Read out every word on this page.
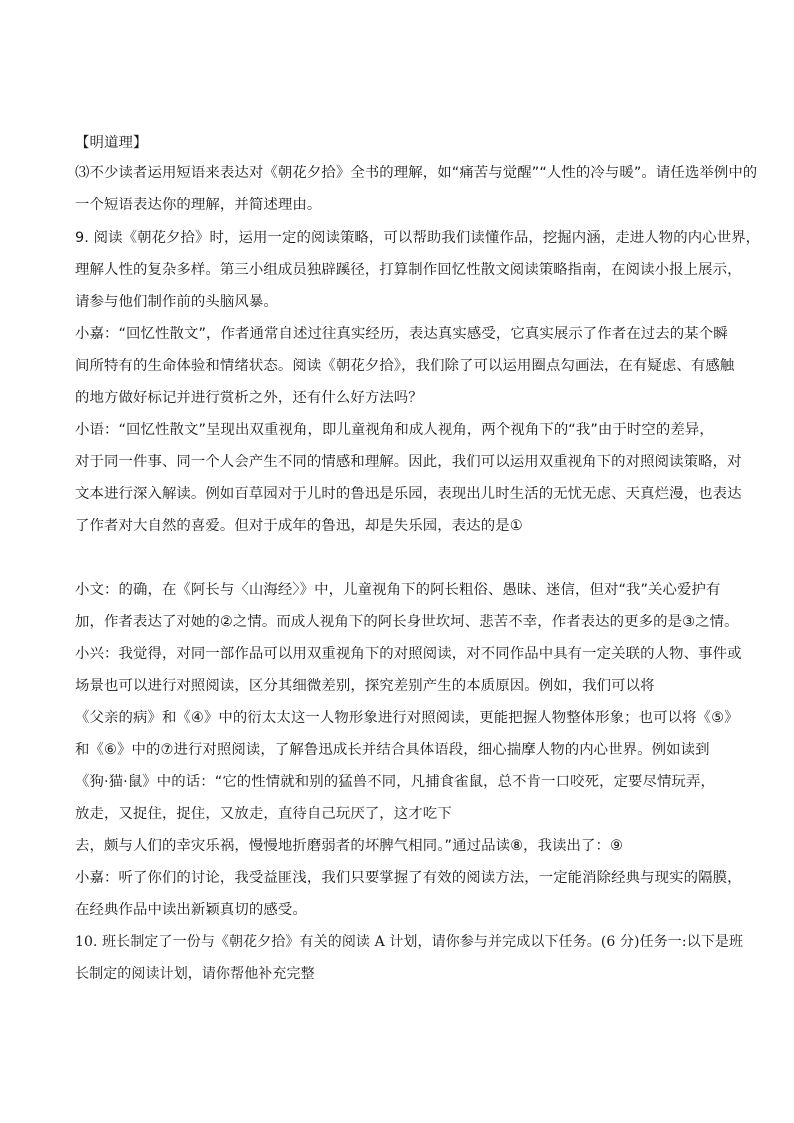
【明道理】

⑶不少读者运用短语来表达对《朝花夕拾》全书的理解，如“痛苦与觉醒”“人性的冷与暖”。请任选举例中的

一个短语表达你的理解，并简述理由。

9. 阅读《朝花夕拾》时，运用一定的阅读策略，可以帮助我们读懂作品，挖掘内涵，走进人物的内心世界，

理解人性的复杂多样。第三小组成员独辟蹊径，打算制作回忆性散文阅读策略指南，在阅读小报上展示，

请参与他们制作前的头脑风暴。

小嘉：“回忆性散文”，作者通常自述过往真实经历，表达真实感受，它真实展示了作者在过去的某个瞬

间所特有的生命体验和情绪状态。阅读《朝花夕拾》，我们除了可以运用圈点勾画法，在有疑虑、有感触

的地方做好标记并进行赏析之外，还有什么好方法吗？

小语：“回忆性散文”呈现出双重视角，即儿童视角和成人视角，两个视角下的“我”由于时空的差异，

对于同一件事、同一个人会产生不同的情感和理解。因此，我们可以运用双重视角下的对照阅读策略，对

文本进行深入解读。例如百草园对于儿时的鲁迅是乐园，表现出儿时生活的无忧无虑、天真烂漫，也表达

了作者对大自然的喜爱。但对于成年的鲁迅，却是失乐园，表达的是①

小文：的确，在《阿长与〈山海经〉》中，儿童视角下的阿长粗俗、愚昧、迷信，但对“我”关心爱护有

加，作者表达了对她的②之情。而成人视角下的阿长身世坎坷、悲苦不幸，作者表达的更多的是③之情。

小兴：我觉得，对同一部作品可以用双重视角下的对照阅读，对不同作品中具有一定关联的人物、事件或

场景也可以进行对照阅读，区分其细微差别，探究差别产生的本质原因。例如，我们可以将

《父亲的病》和《④》中的衍太太这一人物形象进行对照阅读，更能把握人物整体形象；也可以将《⑤》

和《⑥》中的⑦进行对照阅读，了解鲁迅成长并结合具体语段，细心揣摩人物的内心世界。例如读到

《狗·猫·鼠》中的话：“它的性情就和别的猛兽不同，凡捕食雀鼠，总不肯一口咬死，定要尽情玩弄，

放走，又捉住，捉住，又放走，直待自己玩厌了，这才吃下

去，颇与人们的幸灾乐祸，慢慢地折磨弱者的坏脾气相同。”通过品读⑧，我读出了：⑨

小嘉：听了你们的讨论，我受益匪浅，我们只要掌握了有效的阅读方法，一定能消除经典与现实的隔膜，

在经典作品中读出新颖真切的感受。

10. 班长制定了一份与《朝花夕拾》有关的阅读 A 计划，请你参与并完成以下任务。(6 分)任务一:以下是班

长制定的阅读计划，请你帮他补充完整
